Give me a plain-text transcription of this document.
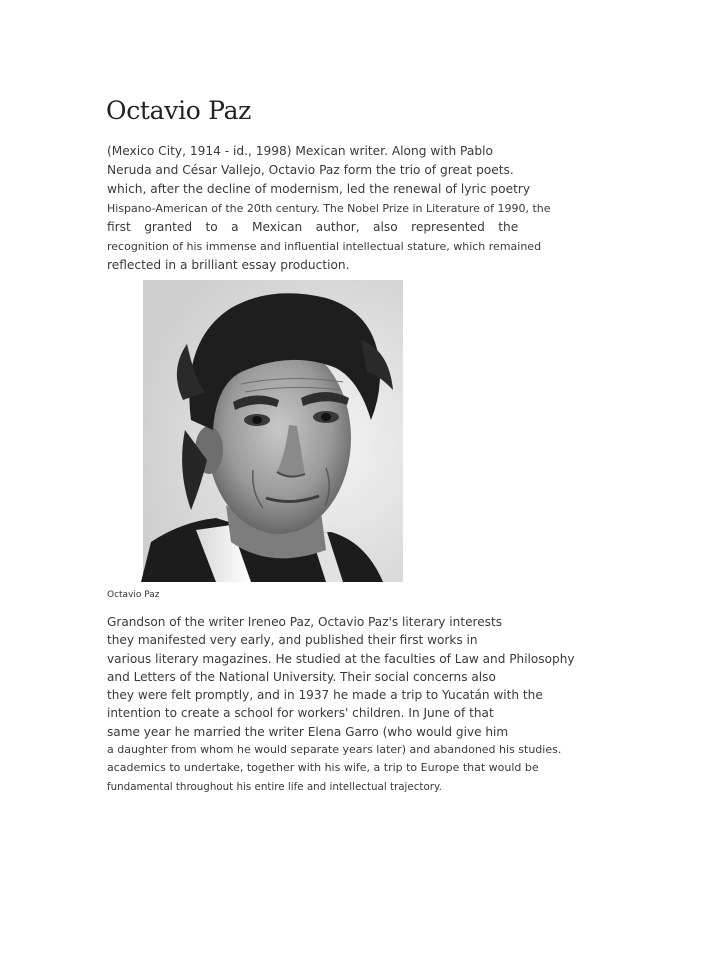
Octavio Paz
(Mexico City, 1914 - id., 1998) Mexican writer. Along with Pablo
Neruda and César Vallejo, Octavio Paz form the trio of great poets.
which, after the decline of modernism, led the renewal of lyric poetry
Hispano-American of the 20th century. The Nobel Prize in Literature of 1990, the
first granted to a Mexican author, also represented the
recognition of his immense and influential intellectual stature, which remained
reflected in a brilliant essay production.
Octavio Paz
Grandson of the writer Ireneo Paz, Octavio Paz's literary interests
they manifested very early, and published their first works in
various literary magazines. He studied at the faculties of Law and Philosophy
and Letters of the National University. Their social concerns also
they were felt promptly, and in 1937 he made a trip to Yucatán with the
intention to create a school for workers' children. In June of that
same year he married the writer Elena Garro (who would give him
a daughter from whom he would separate years later) and abandoned his studies.
academics to undertake, together with his wife, a trip to Europe that would be
fundamental throughout his entire life and intellectual trajectory.
